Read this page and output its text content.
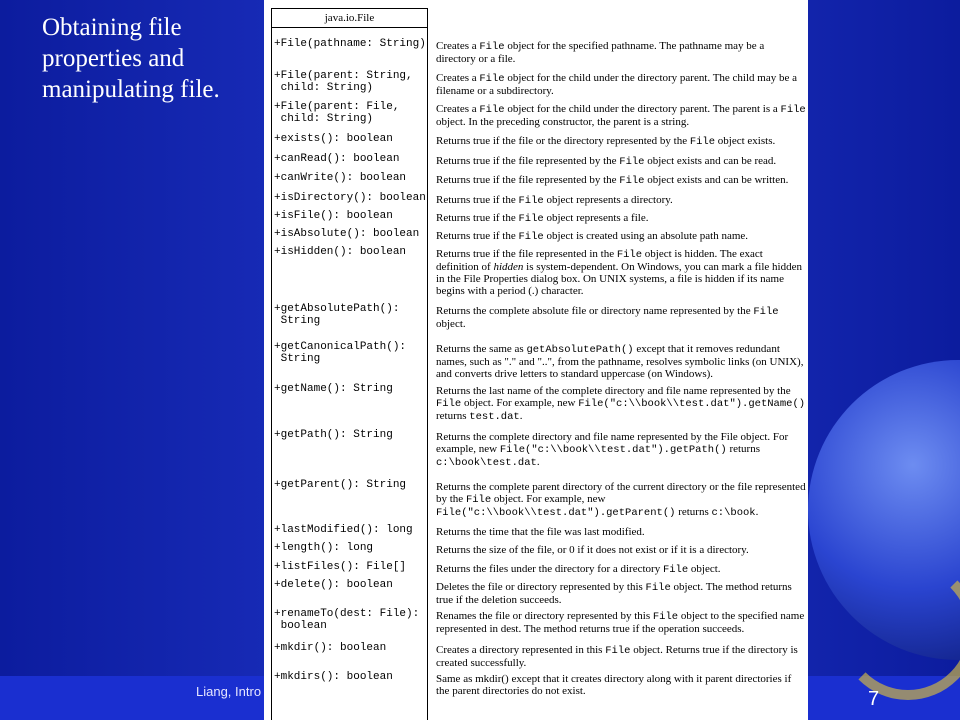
Obtaining file properties and manipulating file.
java.io.File
+File(pathname: String) Creates a File object for the specified pathname. The pathname may be a directory or a file.
+File(parent: String,
child: String)
Creates a File object for the child under the directory parent. The child may be a filename or a subdirectory.
+File(parent: File,
child: String)
Creates a File object for the child under the directory parent. The parent is a File object. In the preceding constructor, the parent is a string.
+exists(): boolean	Returns true if the file or the directory represented by the File object exists.
+canRead(): boolean	Returns true if the file represented by the File object exists and can be read.
+canWrite(): boolean	Returns true if the file represented by the File object exists and can be written.
+isDirectory(): boolean Returns true if the File object represents a directory.
+isFile(): boolean	Returns true if the File object represents a file.
+isAbsolute(): boolean Returns true if the File object is created using an absolute path name.
+isHidden(): boolean	Returns true if the file represented in the File object is hidden. The exact definition of hidden is system-dependent. On Windows, you can mark a file hidden in the File Properties dialog box. On UNIX systems, a file is hidden if its name begins with a period (.) character.
+getAbsolutePath():
String
Returns the complete absolute file or directory name represented by the File object.
+getCanonicalPath():
String
Returns the same as getAbsolutePath() except that it removes redundant names, such as "." and "..", from the pathname, resolves symbolic links (on UNIX), and converts drive letters to standard uppercase (on Windows).
+getName(): String	Returns the last name of the complete directory and file name represented by the File object. For example, new File("c:\\book\\test.dat").getName() returns test.dat.
+getPath(): String	Returns the complete directory and file name represented by the File object. For example, new File("c:\\book\\test.dat").getPath() returns c:\book\test.dat.
+getParent(): String	Returns the complete parent directory of the current directory or the file represented by the File object. For example, new File("c:\\book\\test.dat").getParent() returns c:\book.
+lastModified(): long Returns the time that the file was last modified.
+length(): long	Returns the size of the file, or 0 if it does not exist or if it is a directory.
+listFiles(): File[]	Returns the files under the directory for a directory File object.
+delete(): boolean	Deletes the file or directory represented by this File object. The method returns true if the deletion succeeds.
+renameTo(dest: File):
boolean
Renames the file or directory represented by this File object to the specified name represented in dest. The method returns true if the operation succeeds.
+mkdir(): boolean	Creates a directory represented in this File object. Returns true if the directory is created successfully.
+mkdirs(): boolean	Same as mkdir() except that it creates directory along with it parent directories if the parent directories do not exist.
Liang, Intro	7
